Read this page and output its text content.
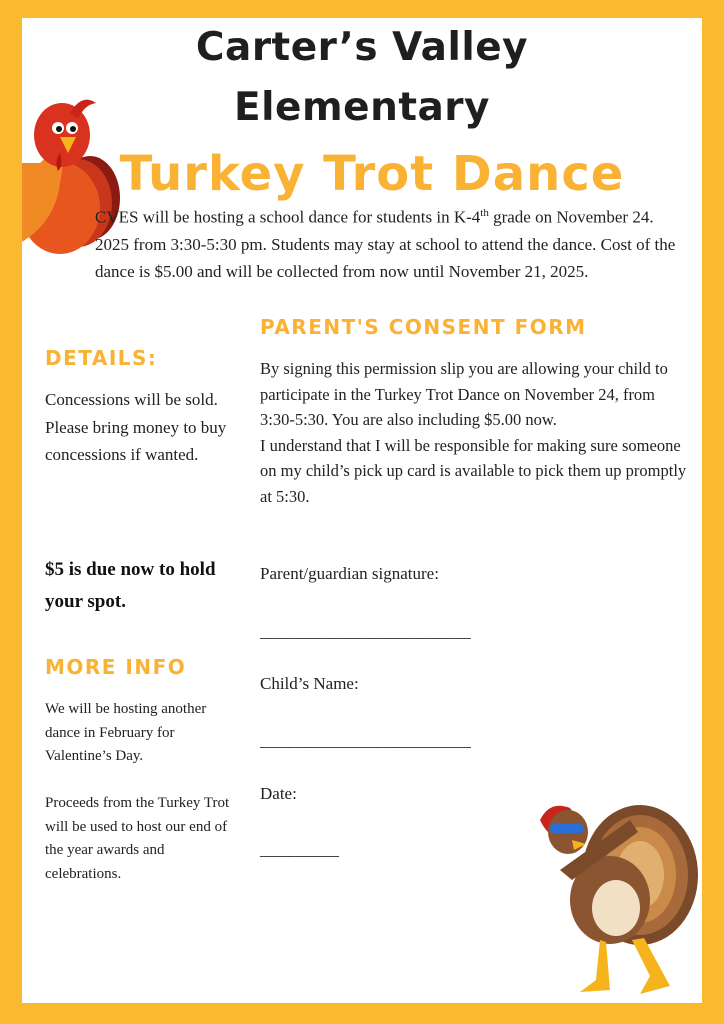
Carter’s Valley
Elementary
Turkey Trot Dance
CVES will be hosting a school dance for students in K-4th grade on November 24. 2025 from 3:30-5:30 pm. Students may stay at school to attend the dance. Cost of the dance is $5.00 and will be collected from now until November 21, 2025.
DETAILS:
Concessions will be sold. Please bring money to buy concessions if wanted.
$5 is due now to hold your spot.
MORE INFO
We will be hosting another dance in February for Valentine’s Day.
Proceeds from the Turkey Trot will be used to host our end of the year awards and celebrations.
PARENT'S CONSENT FORM
By signing this permission slip you are allowing your child to participate in the Turkey Trot Dance on November 24, from 3:30-5:30. You are also including $5.00 now.
I understand that I will be responsible for making sure someone on my child’s pick up card is available to pick them up promptly at 5:30.
Parent/guardian signature:
________________________
Child’s Name:
________________________
Date:
_________
